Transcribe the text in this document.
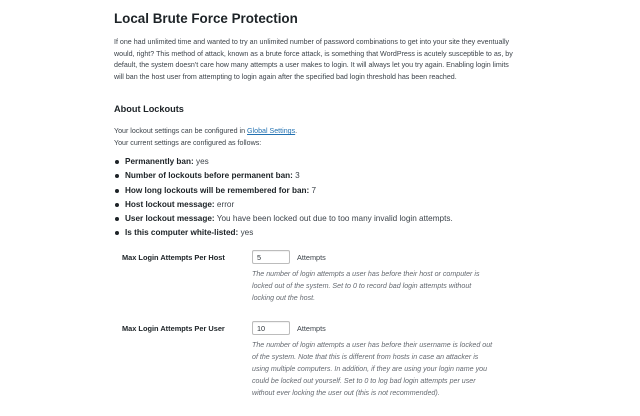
Local Brute Force Protection

If one had unlimited time and wanted to try an unlimited number of password combinations to get into your site they eventually would, right? This method of attack, known as a brute force attack, is something that WordPress is acutely susceptible to as, by default, the system doesn't care how many attempts a user makes to login. It will always let you try again. Enabling login limits will ban the host user from attempting to login again after the specified bad login threshold has been reached.

About Lockouts

Your lockout settings can be configured in Global Settings.
Your current settings are configured as follows:

Permanently ban: yes
Number of lockouts before permanent ban: 3
How long lockouts will be remembered for ban: 7
Host lockout message: error
User lockout message: You have been locked out due to too many invalid login attempts.
Is this computer white-listed: yes
Max Login Attempts Per Host
5	Attempts

The number of login attempts a user has before their host or computer is locked out of the system. Set to 0 to record bad login attempts without locking out the host.

Max Login Attempts Per User
10	Attempts

The number of login attempts a user has before their username is locked out of the system. Note that this is different from hosts in case an attacker is using multiple computers. In addition, if they are using your login name you could be locked out yourself. Set to 0 to log bad login attempts per user without ever locking the user out (this is not recommended).
